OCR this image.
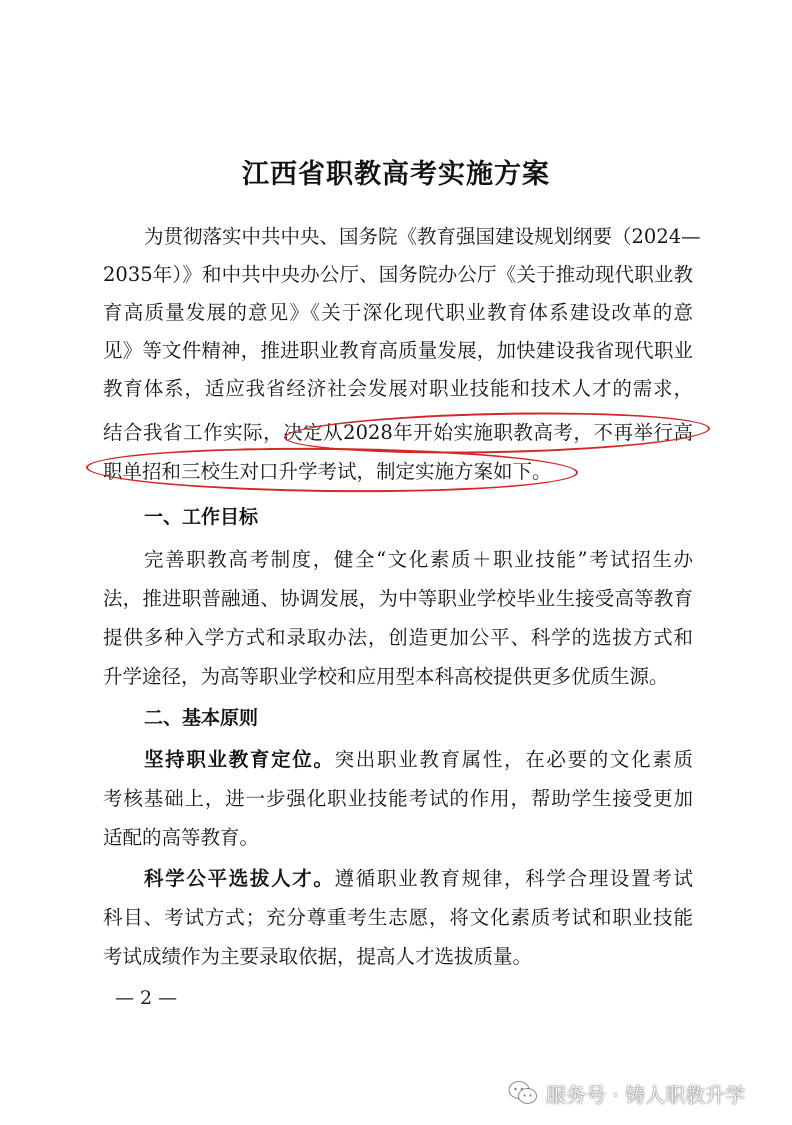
江西省职教高考实施方案
为贯彻落实中共中央、国务院《教育强国建设规划纲要（2024—
2035年）》和中共中央办公厅、国务院办公厅《关于推动现代职业教
育高质量发展的意见》《关于深化现代职业教育体系建设改革的意
见》等文件精神，推进职业教育高质量发展，加快建设我省现代职业
教育体系，适应我省经济社会发展对职业技能和技术人才的需求，
结合我省工作实际，决定从2028年开始实施职教高考，不再举行高
职单招和三校生对口升学考试，制定实施方案如下。
一、工作目标
完善职教高考制度，健全“文化素质＋职业技能”考试招生办
法，推进职普融通、协调发展，为中等职业学校毕业生接受高等教育
提供多种入学方式和录取办法，创造更加公平、科学的选拔方式和
升学途径，为高等职业学校和应用型本科高校提供更多优质生源。
二、基本原则
坚持职业教育定位。突出职业教育属性，在必要的文化素质
考核基础上，进一步强化职业技能考试的作用，帮助学生接受更加
适配的高等教育。
科学公平选拔人才。遵循职业教育规律，科学合理设置考试
科目、考试方式；充分尊重考生志愿，将文化素质考试和职业技能
考试成绩作为主要录取依据，提高人才选拔质量。
— 2 —
服务号 · 铸人职教升学
